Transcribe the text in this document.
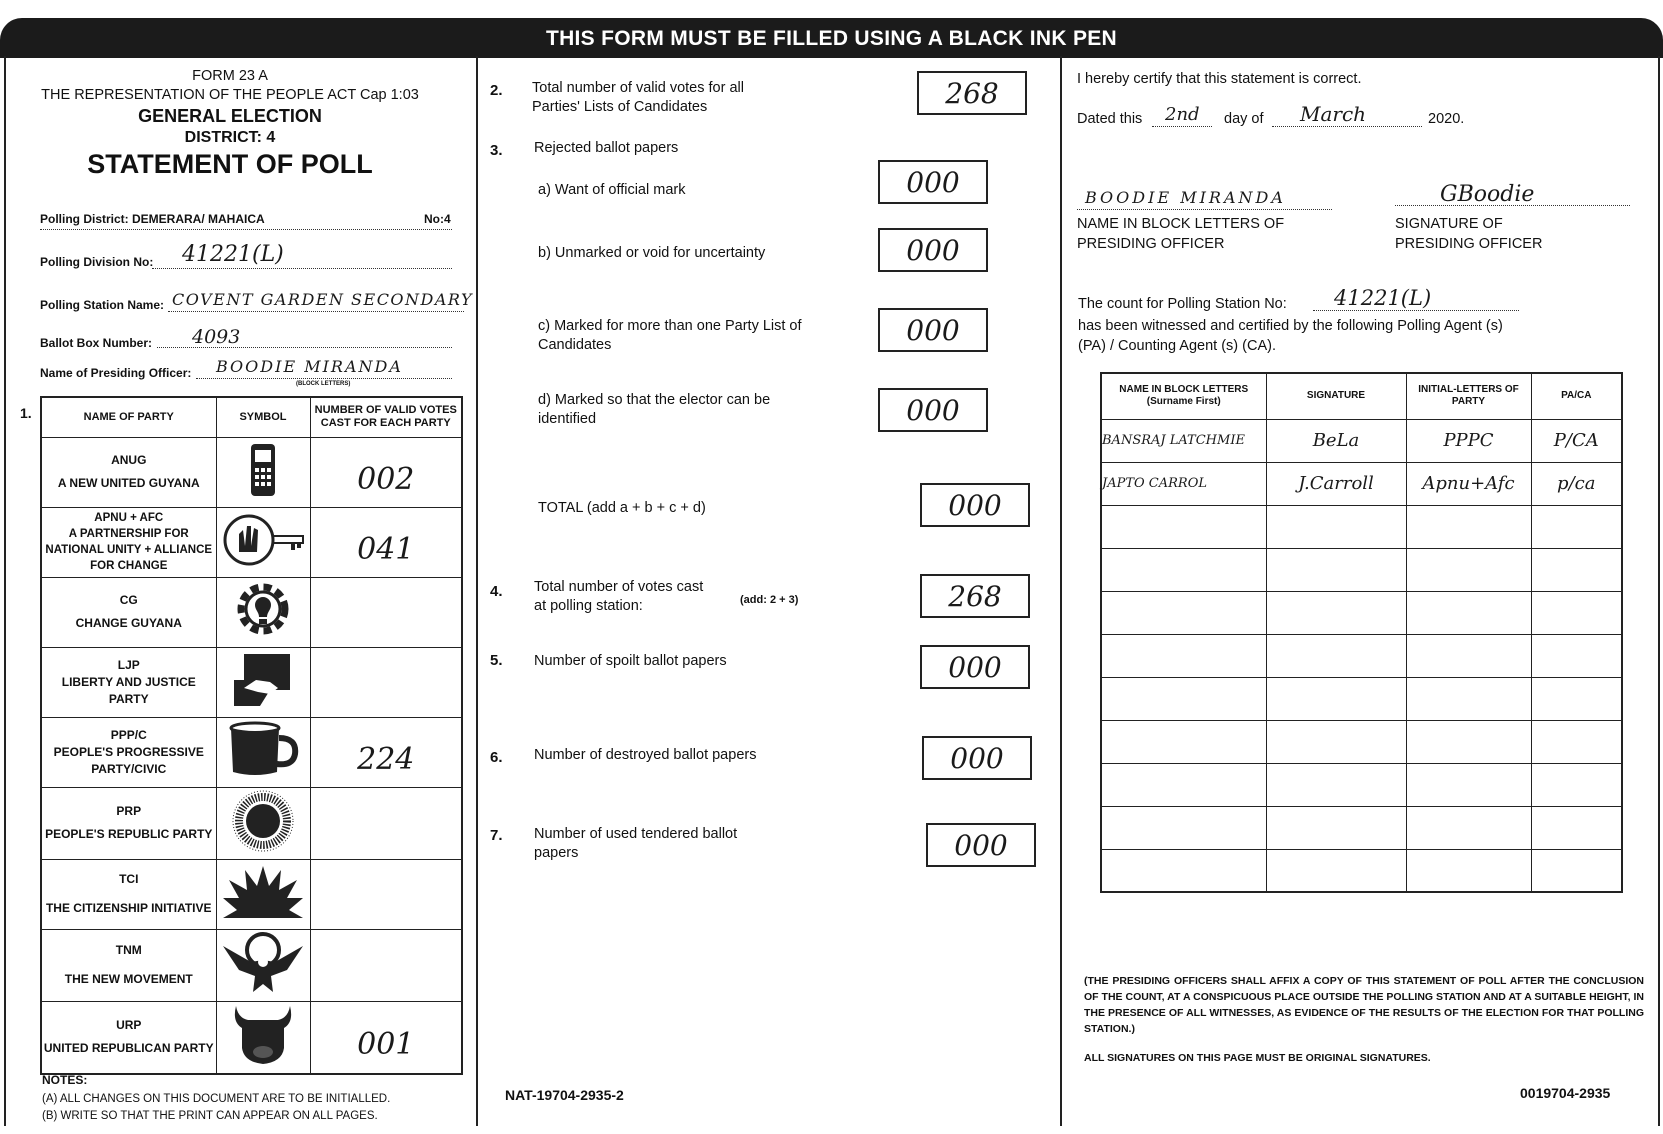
THIS FORM MUST BE FILLED USING A BLACK INK PEN
FORM 23 A
THE REPRESENTATION OF THE PEOPLE ACT Cap 1:03
GENERAL ELECTION
DISTRICT: 4
STATEMENT OF POLL
Polling District: DEMERARA/ MAHAICA	No:4
Polling Division No: 41221(L)
Polling Station Name: COVENT GARDEN SECONDARY
Ballot Box Number: 4093
Name of Presiding Officer: BOODIE MIRANDA
(BLOCK LETTERS)
1.	NAME OF PARTY	SYMBOL	NUMBER OF VALID VOTES CAST FOR EACH PARTY

ANUG
A NEW UNITED GUYANA		002

APNU + AFC
A PARTNERSHIP FOR NATIONAL UNITY + ALLIANCE FOR CHANGE		041

CG
CHANGE GUYANA

LJP
LIBERTY AND JUSTICE PARTY

PPP/C
PEOPLE'S PROGRESSIVE PARTY/CIVIC		224

PRP
PEOPLE'S REPUBLIC PARTY

TCI
THE CITIZENSHIP INITIATIVE

TNM
THE NEW MOVEMENT

URP
UNITED REPUBLICAN PARTY		001
NOTES:
(A) ALL CHANGES ON THIS DOCUMENT ARE TO BE INITIALLED.
(B) WRITE SO THAT THE PRINT CAN APPEAR ON ALL PAGES.
2. Total number of valid votes for all Parties' Lists of Candidates	268
3. Rejected ballot papers
a) Want of official mark	000
b) Unmarked or void for uncertainty	000
c) Marked for more than one Party List of Candidates	000
d) Marked so that the elector can be identified	000
TOTAL (add a + b + c + d)	000
4. Total number of votes cast at polling station:	(add: 2 + 3)	268
5. Number of spoilt ballot papers	000
6. Number of destroyed ballot papers	000
7. Number of used tendered ballot papers	000
NAT-19704-2935-2
I hereby certify that this statement is correct.
Dated this 2nd day of March	2020.
BOODIE MIRANDA
NAME IN BLOCK LETTERS OF PRESIDING OFFICER
GBoodie
SIGNATURE OF PRESIDING OFFICER
The count for Polling Station No: 41221(L)
has been witnessed and certified by the following Polling Agent (s) (PA) / Counting Agent (s) (CA).
NAME IN BLOCK LETTERS (Surname First)	SIGNATURE	INITIAL-LETTERS OF PARTY	PA/CA
BANSRAJ LATCHMIE	BeLa	PPPC	P/CA
JAPTO CARROL	J.Carroll	Apnu+Afc	p/ca

(THE PRESIDING OFFICERS SHALL AFFIX A COPY OF THIS STATEMENT OF POLL AFTER THE CONCLUSION OF THE COUNT, AT A CONSPICUOUS PLACE OUTSIDE THE POLLING STATION AND AT A SUITABLE HEIGHT, IN THE PRESENCE OF ALL WITNESSES, AS EVIDENCE OF THE RESULTS OF THE ELECTION FOR THAT POLLING STATION.)
ALL SIGNATURES ON THIS PAGE MUST BE ORIGINAL SIGNATURES.
0019704-2935
